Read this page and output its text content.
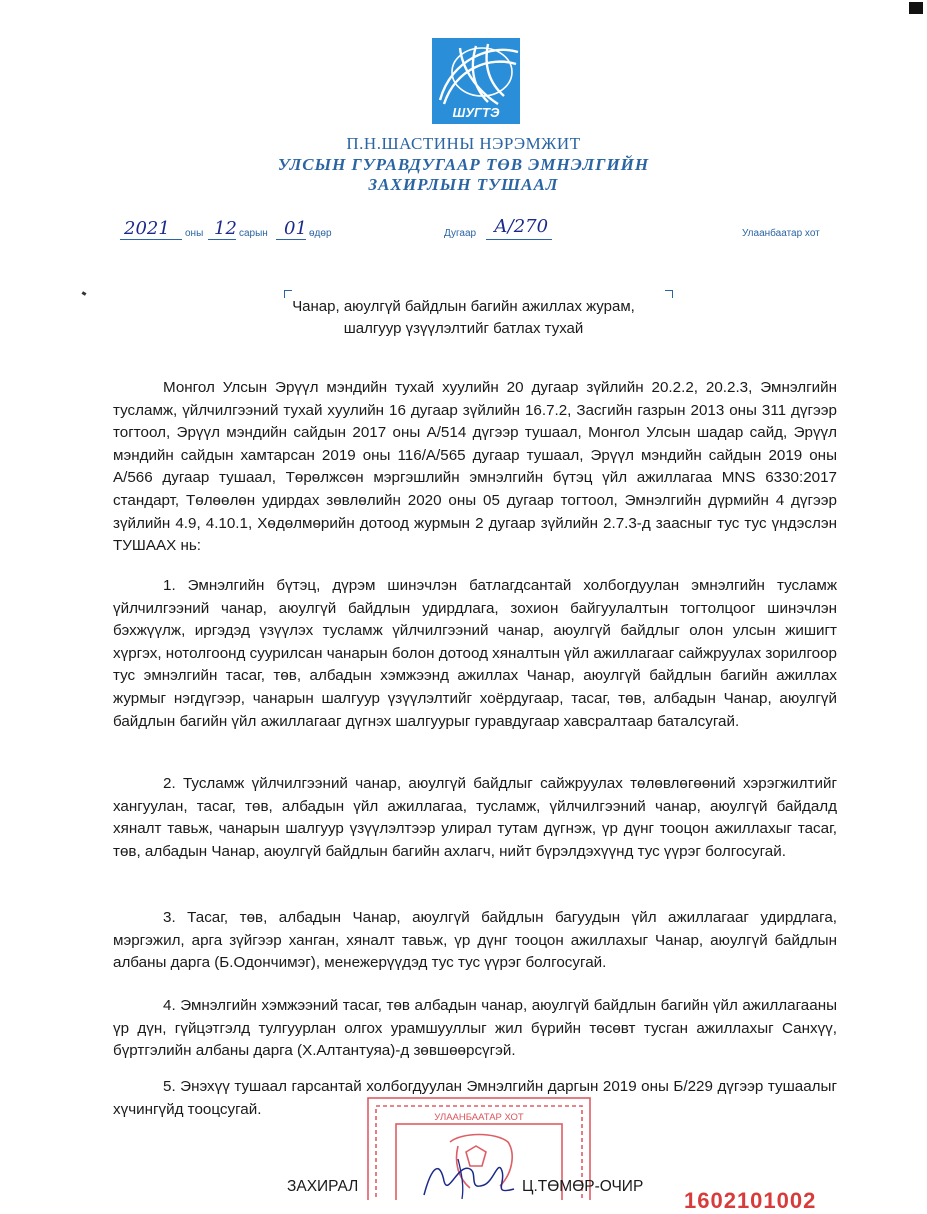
ШУГТЭ
П.Н.ШАСТИНЫ НЭРЭМЖИТ
УЛСЫН ГУРАВДУГААР ТӨВ ЭМНЭЛГИЙН
ЗАХИРЛЫН ТУШААЛ
2021 оны 12 сарын 01 өдөр	Дугаар А/270	Улаанбаатар хот
Чанар, аюулгүй байдлын багийн ажиллах журам,
шалгуур үзүүлэлтийг батлах тухай

Монгол Улсын Эрүүл мэндийн тухай хуулийн 20 дугаар зүйлийн 20.2.2, 20.2.3, Эмнэлгийн тусламж, үйлчилгээний тухай хуулийн 16 дугаар зүйлийн 16.7.2, Засгийн газрын 2013 оны 311 дүгээр тогтоол, Эрүүл мэндийн сайдын 2017 оны А/514 дүгээр тушаал, Монгол Улсын шадар сайд, Эрүүл мэндийн сайдын хамтарсан 2019 оны 116/А/565 дугаар тушаал, Эрүүл мэндийн сайдын 2019 оны А/566 дугаар тушаал, Төрөлжсөн мэргэшлийн эмнэлгийн бүтэц үйл ажиллагаа MNS 6330:2017 стандарт, Төлөөлөн удирдах зөвлөлийн 2020 оны 05 дугаар тогтоол, Эмнэлгийн дүрмийн 4 дүгээр зүйлийн 4.9, 4.10.1, Хөдөлмөрийн дотоод журмын 2 дугаар зүйлийн 2.7.3-д заасныг тус тус үндэслэн ТУШААХ нь:

1. Эмнэлгийн бүтэц, дүрэм шинэчлэн батлагдсантай холбогдуулан эмнэлгийн тусламж үйлчилгээний чанар, аюулгүй байдлын удирдлага, зохион байгуулалтын тогтолцоог шинэчлэн бэхжүүлж, иргэдэд үзүүлэх тусламж үйлчилгээний чанар, аюулгүй байдлыг олон улсын жишигт хүргэх, нотолгоонд суурилсан чанарын болон дотоод хяналтын үйл ажиллагааг сайжруулах зорилгоор тус эмнэлгийн тасаг, төв, албадын хэмжээнд ажиллах Чанар, аюулгүй байдлын багийн ажиллах журмыг нэгдүгээр, чанарын шалгуур үзүүлэлтийг хоёрдугаар, тасаг, төв, албадын Чанар, аюулгүй байдлын багийн үйл ажиллагааг дүгнэх шалгуурыг гуравдугаар хавсралтаар баталсугай.

2. Тусламж үйлчилгээний чанар, аюулгүй байдлыг сайжруулах төлөвлөгөөний хэрэгжилтийг хангуулан, тасаг, төв, албадын үйл ажиллагаа, тусламж, үйлчилгээний чанар, аюулгүй байдалд хяналт тавьж, чанарын шалгуур үзүүлэлтээр улирал тутам дүгнэж, үр дүнг тооцон ажиллахыг тасаг, төв, албадын Чанар, аюулгүй байдлын багийн ахлагч, нийт бүрэлдэхүүнд тус үүрэг болгосугай.

3. Тасаг, төв, албадын Чанар, аюулгүй байдлын багуудын үйл ажиллагааг удирдлага, мэргэжил, арга зүйгээр ханган, хяналт тавьж, үр дүнг тооцон ажиллахыг Чанар, аюулгүй байдлын албаны дарга (Б.Одончимэг), менежерүүдэд тус тус үүрэг болгосугай.

4. Эмнэлгийн хэмжээний тасаг, төв албадын чанар, аюулгүй байдлын багийн үйл ажиллагааны үр дүн, гүйцэтгэлд тулгуурлан олгох урамшууллыг жил бүрийн төсөвт тусган ажиллахыг Санхүү, бүртгэлийн албаны дарга (Х.Алтантуяа)-д зөвшөөрсүгэй.

УЛААНБААТАР ХОТ

5. Энэхүү тушаал гарсантай холбогдуулан Эмнэлгийн даргын 2019 оны Б/229 дүгээр тушаалыг хүчингүйд тооцсугай.

ЗАХИРАЛ	Ц.ТӨМӨР-ОЧИР
1602101002
